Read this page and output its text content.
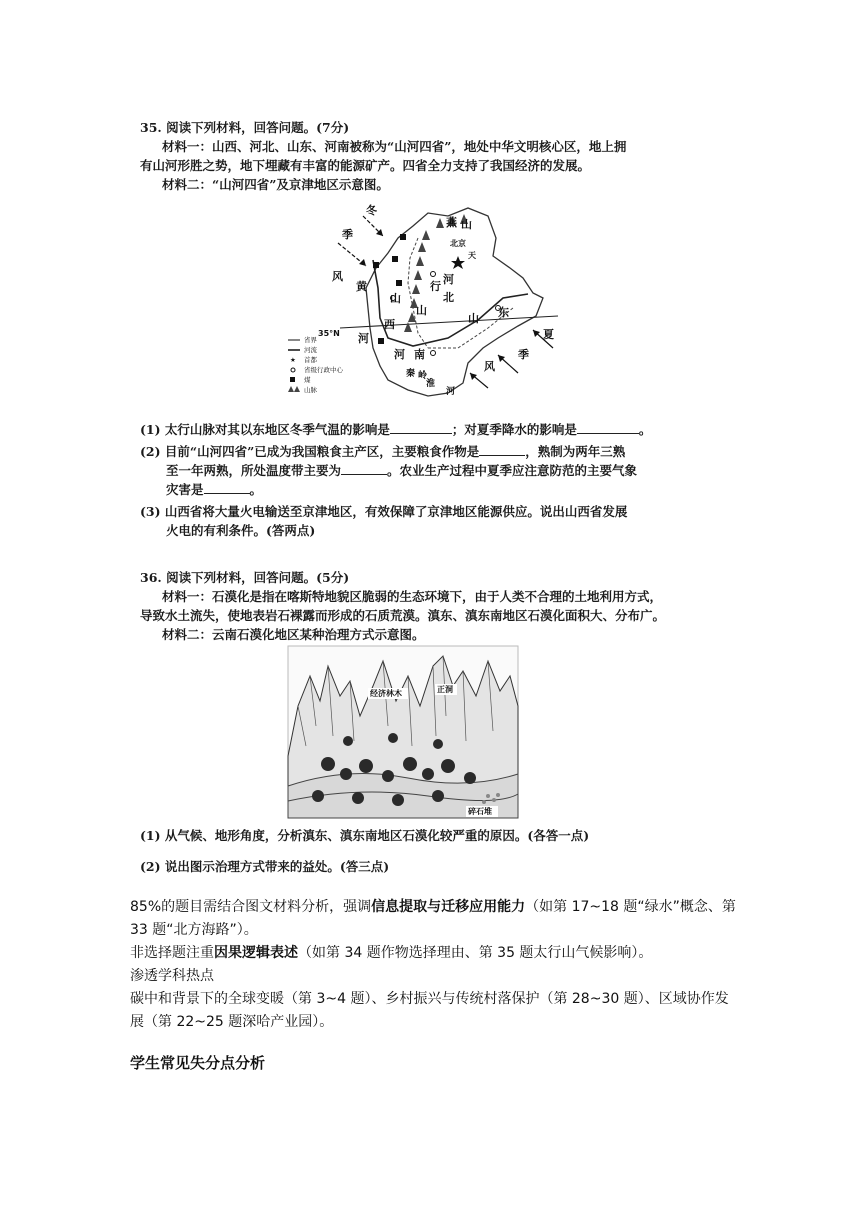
35. 阅读下列材料，回答问题。(7分)
材料一：山西、河北、山东、河南被称为“山河四省”，地处中华文明核心区，地上拥
有山河形胜之势，地下埋藏有丰富的能源矿产。四省全力支持了我国经济的发展。
材料二：“山河四省”及京津地区示意图。
冬
季
风
燕 山
北京
天
河
北
行
山
黄
山
西
河
35°N
山 东
河 南
秦 岭
淮
河
夏
季
风
省界
河流
★ 首都
省级行政中心
煤
山脉
(1) 太行山脉对其以东地区冬季气温的影响是	；对夏季降水的影响是	。
(2) 目前“山河四省”已成为我国粮食主产区，主要粮食作物是	，熟制为两年三熟
至一年两熟，所处温度带主要为	。农业生产过程中夏季应注意防范的主要气象
灾害是	。
(3) 山西省将大量火电输送至京津地区，有效保障了京津地区能源供应。说出山西省发展
火电的有利条件。(答两点)
36. 阅读下列材料，回答问题。(5分)
材料一：石漠化是指在喀斯特地貌区脆弱的生态环境下，由于人类不合理的土地利用方式，
导致水土流失，使地表岩石裸露而形成的石质荒漠。滇东、滇东南地区石漠化面积大、分布广。
材料二：云南石漠化地区某种治理方式示意图。
经济林木	正洞
碎石堆
(1) 从气候、地形角度，分析滇东、滇东南地区石漠化较严重的原因。(各答一点)
(2) 说出图示治理方式带来的益处。(答三点)
85%的题目需结合图文材料分析，强调信息提取与迁移应用能力（如第 17~18 题“绿水”概念、第 33 题“北方海路”）。
非选择题注重因果逻辑表述（如第 34 题作物选择理由、第 35 题太行山气候影响）。
渗透学科热点
碳中和背景下的全球变暖（第 3~4 题）、乡村振兴与传统村落保护（第 28~30 题）、区域协作发展（第 22~25 题深哈产业园）。
学生常见失分点分析
